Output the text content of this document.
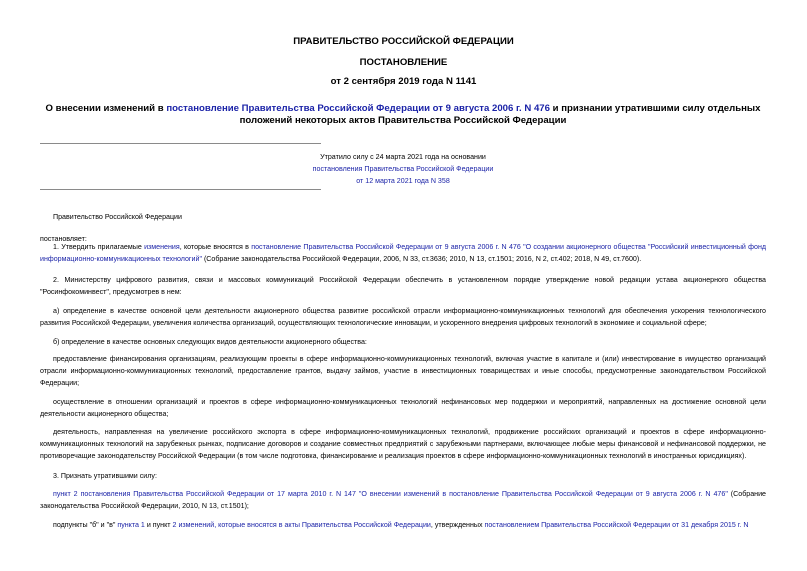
ПРАВИТЕЛЬСТВО РОССИЙСКОЙ ФЕДЕРАЦИИ
ПОСТАНОВЛЕНИЕ
от 2 сентября 2019 года N 1141
О внесении изменений в постановление Правительства Российской Федерации от 9 августа 2006 г. N 476 и признании утратившими силу отдельных положений некоторых актов Правительства Российской Федерации
Утратило силу с 24 марта 2021 года на основании
постановления Правительства Российской Федерации
от 12 марта 2021 года N 358
Правительство Российской Федерации
постановляет:
1. Утвердить прилагаемые изменения, которые вносятся в постановление Правительства Российской Федерации от 9 августа 2006 г. N 476 "О создании акционерного общества "Российский инвестиционный фонд информационно-коммуникационных технологий" (Собрание законодательства Российской Федерации, 2006, N 33, ст.3636; 2010, N 13, ст.1501; 2016, N 2, ст.402; 2018, N 49, ст.7600).
2. Министерству цифрового развития, связи и массовых коммуникаций Российской Федерации обеспечить в установленном порядке утверждение новой редакции устава акционерного общества "Росинфокоминвест", предусмотрев в нем:
а) определение в качестве основной цели деятельности акционерного общества развитие российской отрасли информационно-коммуникационных технологий для обеспечения ускорения технологического развития Российской Федерации, увеличения количества организаций, осуществляющих технологические инновации, и ускоренного внедрения цифровых технологий в экономике и социальной сфере;
б) определение в качестве основных следующих видов деятельности акционерного общества:
предоставление финансирования организациям, реализующим проекты в сфере информационно-коммуникационных технологий, включая участие в капитале и (или) инвестирование в имущество организаций отрасли информационно-коммуникационных технологий, предоставление грантов, выдачу займов, участие в инвестиционных товариществах и иные способы, предусмотренные законодательством Российской Федерации;
осуществление в отношении организаций и проектов в сфере информационно-коммуникационных технологий нефинансовых мер поддержки и мероприятий, направленных на достижение основной цели деятельности акционерного общества;
деятельность, направленная на увеличение российского экспорта в сфере информационно-коммуникационных технологий, продвижение российских организаций и проектов в сфере информационно-коммуникационных технологий на зарубежных рынках, подписание договоров и создание совместных предприятий с зарубежными партнерами, включающее любые меры финансовой и нефинансовой поддержки, не противоречащие законодательству Российской Федерации (в том числе подготовка, финансирование и реализация проектов в сфере информационно-коммуникационных технологий в иностранных юрисдикциях).
3. Признать утратившими силу:
пункт 2 постановления Правительства Российской Федерации от 17 марта 2010 г. N 147 "О внесении изменений в постановление Правительства Российской Федерации от 9 августа 2006 г. N 476" (Собрание законодательства Российской Федерации, 2010, N 13, ст.1501);
подпункты "б" и "в" пункта 1 и пункт 2 изменений, которые вносятся в акты Правительства Российской Федерации, утвержденных постановлением Правительства Российской Федерации от 31 декабря 2015 г. N
